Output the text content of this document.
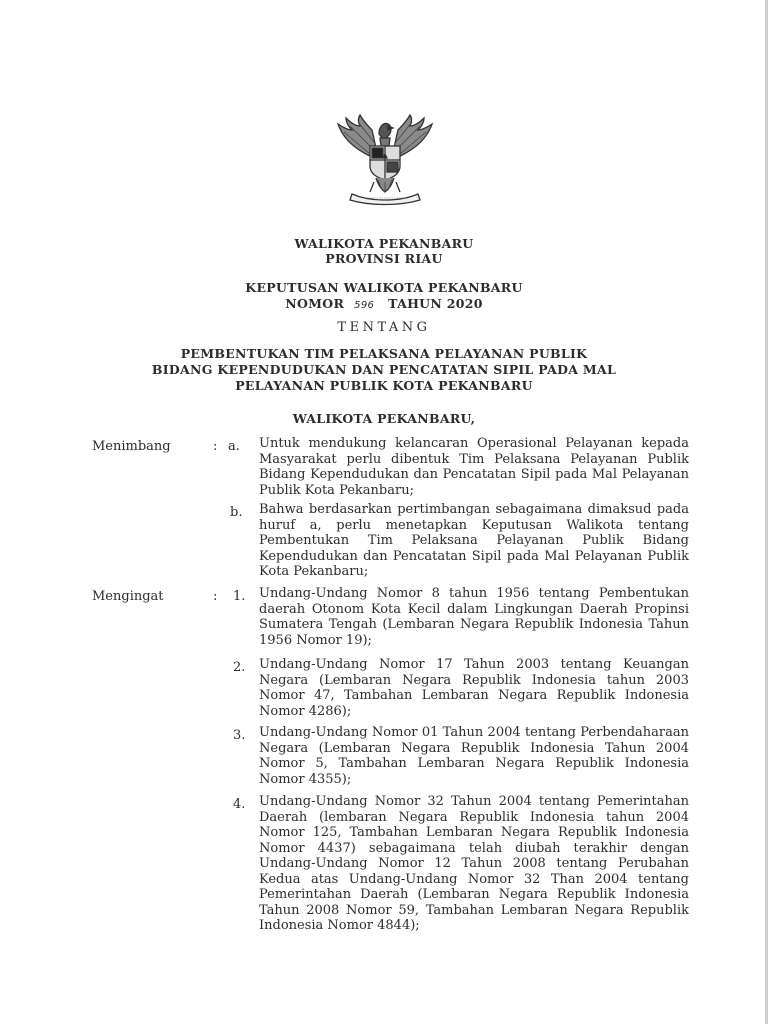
WALIKOTA PEKANBARU
PROVINSI RIAU
KEPUTUSAN WALIKOTA PEKANBARU
NOMOR 596 TAHUN 2020
TENTANG
PEMBENTUKAN TIM PELAKSANA PELAYANAN PUBLIK
BIDANG KEPENDUDUKAN DAN PENCATATAN SIPIL PADA MAL
PELAYANAN PUBLIK KOTA PEKANBARU
WALIKOTA PEKANBARU,
Menimbang	: a. Untuk mendukung kelancaran Operasional Pelayanan kepada Masyarakat perlu dibentuk Tim Pelaksana Pelayanan Publik Bidang Kependudukan dan Pencatatan Sipil pada Mal Pelayanan Publik Kota Pekanbaru;
b. Bahwa berdasarkan pertimbangan sebagaimana dimaksud pada huruf a, perlu menetapkan Keputusan Walikota tentang Pembentukan Tim Pelaksana Pelayanan Publik Bidang Kependudukan dan Pencatatan Sipil pada Mal Pelayanan Publik Kota Pekanbaru;
Mengingat	: 1. Undang-Undang Nomor 8 tahun 1956 tentang Pembentukan daerah Otonom Kota Kecil dalam Lingkungan Daerah Propinsi Sumatera Tengah (Lembaran Negara Republik Indonesia Tahun 1956 Nomor 19);
2. Undang-Undang Nomor 17 Tahun 2003 tentang Keuangan Negara (Lembaran Negara Republik Indonesia tahun 2003 Nomor 47, Tambahan Lembaran Negara Republik Indonesia Nomor 4286);
3. Undang-Undang Nomor 01 Tahun 2004 tentang Perbendaharaan Negara (Lembaran Negara Republik Indonesia Tahun 2004 Nomor 5, Tambahan Lembaran Negara Republik Indonesia Nomor 4355);
4. Undang-Undang Nomor 32 Tahun 2004 tentang Pemerintahan Daerah (lembaran Negara Republik Indonesia tahun 2004 Nomor 125, Tambahan Lembaran Negara Republik Indonesia Nomor 4437) sebagaimana telah diubah terakhir dengan Undang-Undang Nomor 12 Tahun 2008 tentang Perubahan Kedua atas Undang-Undang Nomor 32 Than 2004 tentang Pemerintahan Daerah (Lembaran Negara Republik Indonesia Tahun 2008 Nomor 59, Tambahan Lembaran Negara Republik Indonesia Nomor 4844);
